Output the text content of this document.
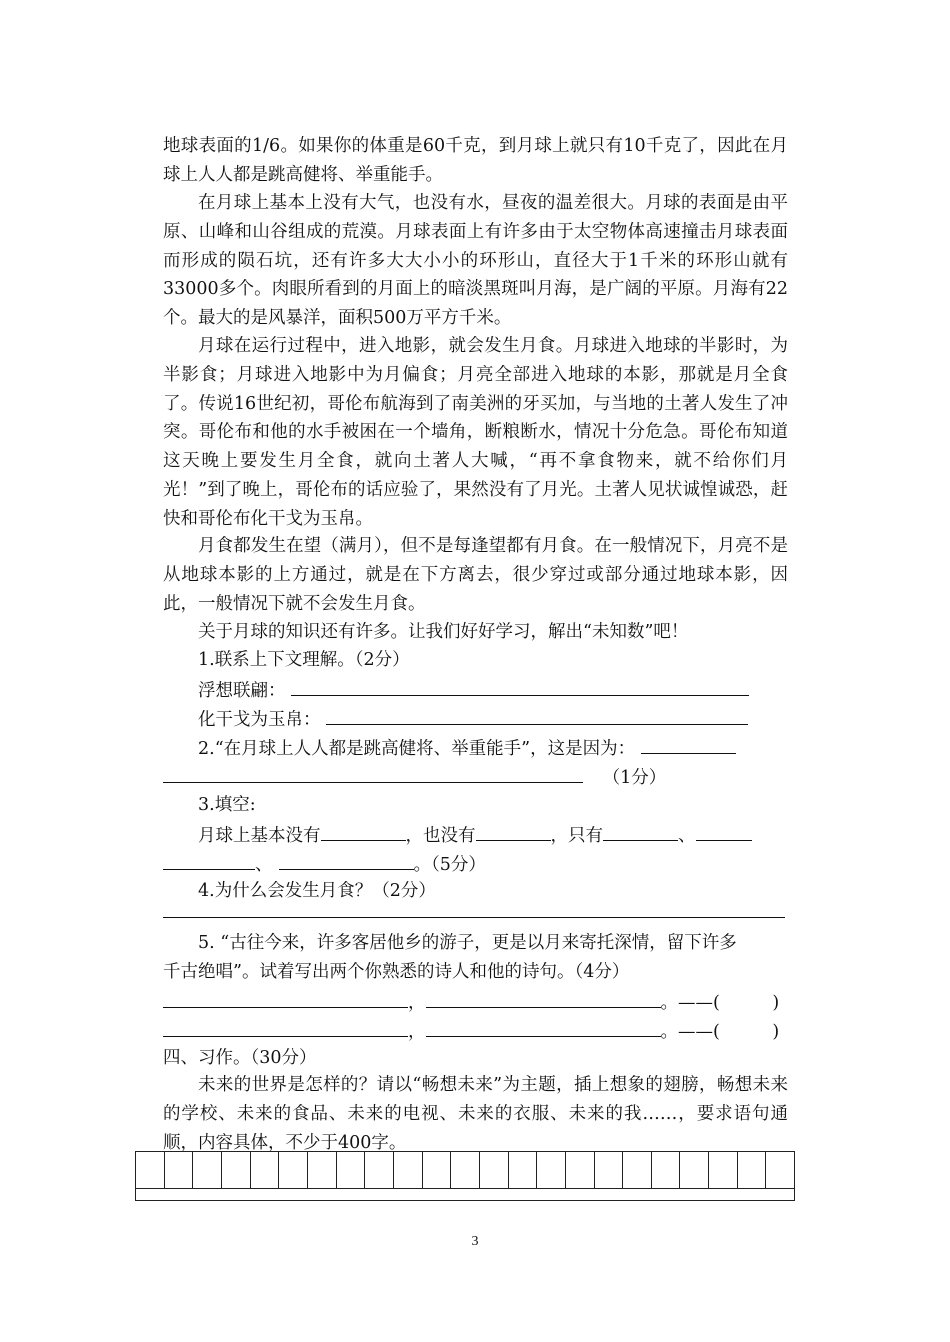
地球表面的1/6。如果你的体重是60千克，到月球上就只有10千克了，因此在月球上人人都是跳高健将、举重能手。
在月球上基本上没有大气，也没有水，昼夜的温差很大。月球的表面是由平原、山峰和山谷组成的荒漠。月球表面上有许多由于太空物体高速撞击月球表面而形成的陨石坑，还有许多大大小小的环形山，直径大于1千米的环形山就有33000多个。肉眼所看到的月面上的暗淡黑斑叫月海，是广阔的平原。月海有22个。最大的是风暴洋，面积500万平方千米。
月球在运行过程中，进入地影，就会发生月食。月球进入地球的半影时，为半影食；月球进入地影中为月偏食；月亮全部进入地球的本影，那就是月全食了。传说16世纪初，哥伦布航海到了南美洲的牙买加，与当地的土著人发生了冲突。哥伦布和他的水手被困在一个墙角，断粮断水，情况十分危急。哥伦布知道这天晚上要发生月全食，就向土著人大喊，“再不拿食物来，就不给你们月光！”到了晚上，哥伦布的话应验了，果然没有了月光。土著人见状诚惶诚恐，赶快和哥伦布化干戈为玉帛。
月食都发生在望（满月），但不是每逢望都有月食。在一般情况下，月亮不是从地球本影的上方通过，就是在下方离去，很少穿过或部分通过地球本影，因此，一般情况下就不会发生月食。
关于月球的知识还有许多。让我们好好学习，解出“未知数”吧！
1.联系上下文理解。（2分）
浮想联翩：
化干戈为玉帛：
2.“在月球上人人都是跳高健将、举重能手”，这是因为：
（1分）
3.填空:
月球上基本没有	，也没有	，只有	、
、	。（5分）
4.为什么会发生月食？（2分）
5. “古往今来，许多客居他乡的游子，更是以月来寄托深情，留下许多
千古绝唱”。试着写出两个你熟悉的诗人和他的诗句。（4分）
，	。——(　　　)
，	。——(　　　)
四、习作。（30分）
未来的世界是怎样的？请以“畅想未来”为主题，插上想象的翅膀，畅想未来的学校、未来的食品、未来的电视、未来的衣服、未来的我……，要求语句通顺，内容具体，不少于400字。
3
